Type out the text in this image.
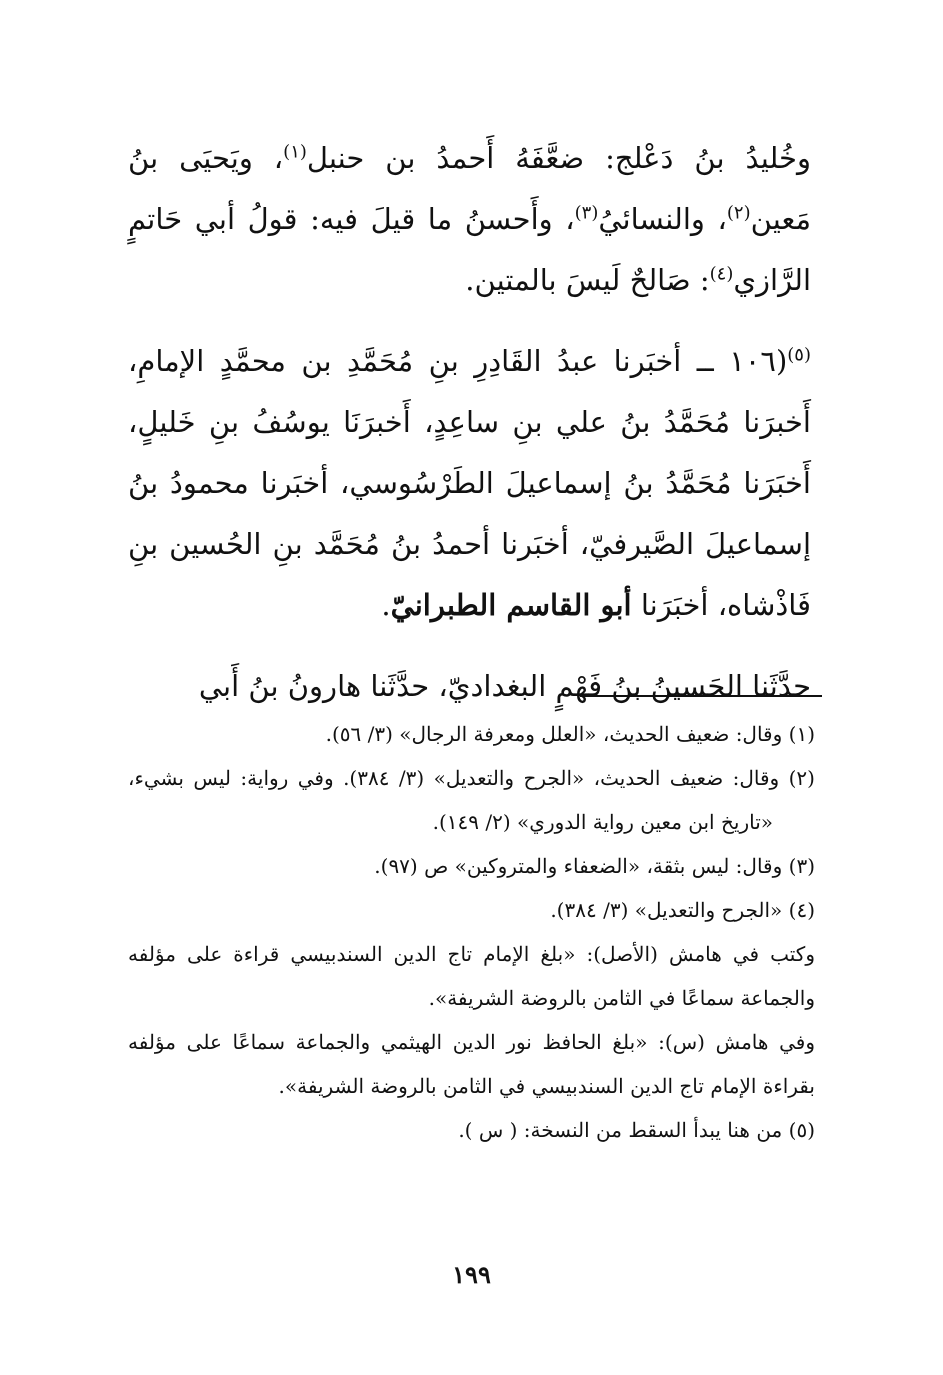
وخُليدُ بنُ دَعْلج: ضعَّفَهُ أَحمدُ بن حنبل$^{(١)}$، ويَحيَى بنُ مَعين$^{(٢)}$، والنسائيُ$^{(٣)}$، وأَحسنُ ما قيلَ فيه: قولُ أبي حَاتمٍ الرَّازي$^{(٤)}$: صَالحٌ لَيسَ بالمتين.

$^{(٥)}$(١٠٦ ــ أخبَرنا عبدُ القَادِرِ بنِ مُحَمَّدِ بن محمَّدٍ الإمامِ، أَخبرَنا مُحَمَّدُ بنُ علي بنِ ساعِدٍ، أَخبرَنَا يوسُفُ بنِ خَليلٍ، أَخبَرَنا مُحَمَّدُ بنُ إسماعيلَ الطَرْسُوسي، أخبَرنا محمودُ بنُ إسماعيلَ الصَّيرفيّ، أخبَرنا أحمدُ بنُ مُحَمَّد بنِ الحُسين بنِ فَاذْشاه، أخبَرَنا أبو القاسم الطبرانيّ.

حدَّثَنا الحَسينُ بنُ فَهْمٍ البغداديّ، حدَّثَنا هارونُ بنُ أَبي

(١) وقال: ضعيف الحديث، «العلل ومعرفة الرجال» (٣/ ٥٦).

(٢) وقال: ضعيف الحديث، «الجرح والتعديل» (٣/ ٣٨٤). وفي رواية: ليس بشيء، «تاريخ ابن معين رواية الدوري» (٢/ ١٤٩).

(٣) وقال: ليس بثقة، «الضعفاء والمتروكين» ص (٩٧).

(٤) «الجرح والتعديل» (٣/ ٣٨٤).

وكتب في هامش (الأصل): «بلغ الإمام تاج الدين السندبيسي قراءة على مؤلفه والجماعة سماعًا في الثامن بالروضة الشريفة».

وفي هامش (س): «بلغ الحافظ نور الدين الهيثمي والجماعة سماعًا على مؤلفه بقراءة الإمام تاج الدين السندبيسي في الثامن بالروضة الشريفة».

(٥) من هنا يبدأ السقط من النسخة: ( س ).

١٩٩
